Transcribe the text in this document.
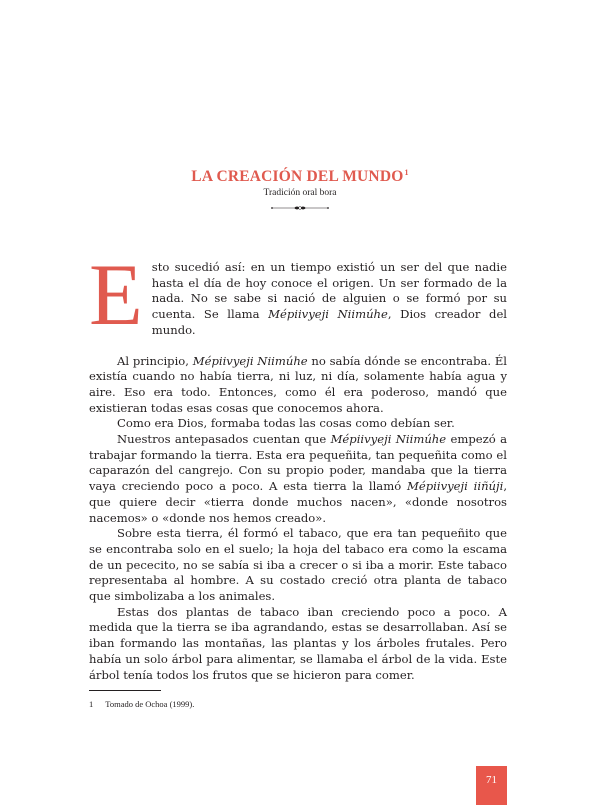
LA CREACIÓN DEL MUNDO$^1$
Tradición oral bora

Esto sucedió así: en un tiempo existió un ser del que nadie hasta el día de hoy conoce el origen. Un ser formado de la nada. No se sabe si nació de alguien o se formó por su cuenta. Se llama Mépiivyeji Niimúhe, Dios creador del mundo.

Al principio, Mépiivyeji Niimúhe no sabía dónde se encontraba. Él existía cuando no había tierra, ni luz, ni día, solamente había agua y aire. Eso era todo. Entonces, como él era poderoso, mandó que existieran todas esas cosas que conocemos ahora.

Como era Dios, formaba todas las cosas como debían ser.

Nuestros antepasados cuentan que Mépiivyeji Niimúhe empezó a trabajar formando la tierra. Esta era pequeñita, tan pequeñita como el caparazón del cangrejo. Con su propio poder, mandaba que la tierra vaya creciendo poco a poco. A esta tierra la llamó Mépiivyeji iiñúji, que quiere decir «tierra donde muchos nacen», «donde nosotros nacemos» o «donde nos hemos creado».

Sobre esta tierra, él formó el tabaco, que era tan pequeñito que se encontraba solo en el suelo; la hoja del tabaco era como la escama de un pececito, no se sabía si iba a crecer o si iba a morir. Este tabaco representaba al hombre. A su costado creció otra planta de tabaco que simbolizaba a los animales.

Estas dos plantas de tabaco iban creciendo poco a poco. A medida que la tierra se iba agrandando, estas se desarrollaban. Así se iban formando las montañas, las plantas y los árboles frutales. Pero había un solo árbol para alimentar, se llamaba el árbol de la vida. Este árbol tenía todos los frutos que se hicieron para comer.

1 Tomado de Ochoa (1999).
71
